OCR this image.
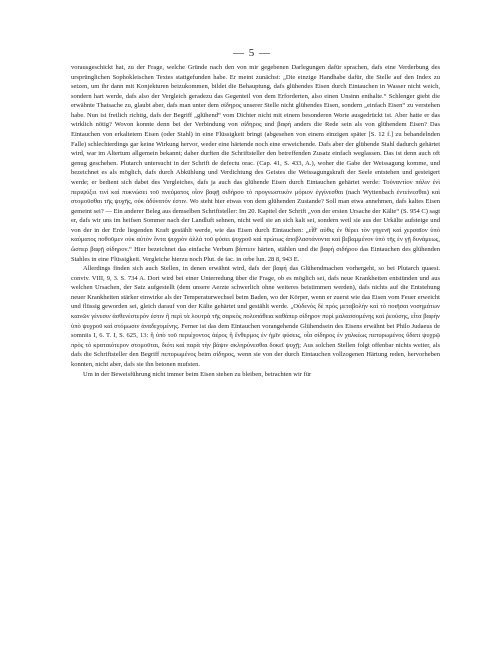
— 5 —

vorausgeschickt hat, zu der Frage, welche Gründe nach den von mir gegebenen Darlegungen dafür sprachen, dafs eine Verderbung des ursprünglichen Sophokleischen Textes stattgefunden habe. Er meint zunächst: „Die einzige Handhabe dafür, die Stelle auf den Index zu setzen, um ihr dann mit Konjekturen beizukommen, bildet die Behauptung, dafs glühendes Eisen durch Eintauchen in Wasser nicht weich, sondern hart werde, dafs also der Vergleich geradezu das Gegenteil von dem Erforderten, also einen Unsinn enthalte.“ Schlenger giebt die erwähnte Thatsache zu, glaubt aber, dafs man unter dem σίδηρος unserer Stelle nicht glühendes Eisen, sondern „einfach Eisen“ zu verstehen habe. Nun ist freilich richtig, dafs der Begriff „glühend“ vom Dichter nicht mit einem besonderen Worte ausgedrückt ist. Aber hatte er das wirklich nötig? Wovon konnte denn bei der Verbindung von σίδηρος und βαφή anders die Rede sein als von glühendem Eisen? Das Eintauchen von erkaltetem Eisen (oder Stahl) in eine Flüssigkeit bringt (abgesehen von einem einzigen später [S. 12 f.] zu behandelnden Falle) schlechterdings gar keine Wirkung hervor, weder eine härtende noch eine erweichende. Dafs aber der glühende Stahl dadurch gehärtet wird, war im Altertum allgemein bekannt; daher durften die Schriftsteller den betreffenden Zusatz einfach weglassen. Das ist denn auch oft genug geschehen. Plutarch untersucht in der Schrift de defectu orac. (Cap. 41, S. 433, A.), woher die Gabe der Weissagung komme, und bezeichnet es als möglich, dafs durch Abkühlung und Verdichtung des Geistes die Weissagungskraft der Seele entstehen und gesteigert werde; er bedient sich dabei des Vergleiches, dafs ja auch das glühende Eisen durch Eintauchen gehärtet werde: Τοὐναντίον πάλιν ἐνὶ περιψύξει τινὶ καὶ πυκνώσει τοῦ πνεύματος οἷον βαφῇ σιδήρου τὸ προγνωστικὸν μόριον ἐγγίνεσθαι (nach Wyttenbach ἐντείνεσθαι) καὶ στομοῦσθαι τῆς ψυχῆς, οὐκ ἀδύνατόν ἐστιν. Wo steht hier etwas von dem glühenden Zustande? Soll man etwa annehmen, dafs kaltes Eisen gemeint sei? — Ein anderer Beleg aus demselben Schriftsteller: Im 20. Kapitel der Schrift „von der ersten Ursache der Kälte“ (S. 954 C) sagt er, dafs wir uns im heifsen Sommer nach der Landluft sehnen, nicht weil sie an sich kalt sei, sondern weil sie aus der Urkälte aufsteige und von der in der Erde liegenden Kraft gestählt werde, wie das Eisen durch Eintauchen: „εἶθ' αὐθις ἐν θέρει τὸν γηγενῆ καὶ χερσαῖον ὑπὸ καύματος ποθοῦμεν οὐκ αὐτὸν ὄντα ψυχρὸν ἀλλὰ τοῦ φύσει ψυχροῦ καὶ πρώτως ἀποβλαστάνοντα καὶ βεβαμμένον ὑπὸ τῆς ἐν γῇ δυνάμεως, ὥσπερ βαφῇ σίδηρον.“ Hier bezeichnet das einfache Verbum βάπτειν härten, stählen und die βαφή σιδήρου das Eintauchen des glühenden Stahles in eine Flüssigkeit. Vergleiche hierzu noch Plut. de fac. in orbe lun. 28 8, 943 E.

Allerdings finden sich auch Stellen, in denen erwähnt wird, dafs der βαφή das Glühendmachen vorhergeht, so bei Plutarch quaest. conviv. VIII, 9, 3. S. 734 A. Dort wird bei einer Unterredung über die Frage, ob es möglich sei, dafs neue Krankheiten entstünden und aus welchen Ursachen, der Satz aufgestellt (dem unsere Aerzte schwerlich ohne weiteres beistimmen werden), dafs nichts auf die Entstehung neuer Krankheiten stärker einwirke als der Temperaturwechsel beim Baden, wo der Körper, wenn er zuerst wie das Eisen vom Feuer erweicht und flüssig geworden sei, gleich darauf von der Kälte gehärtet und gestählt werde. „Οὐδενὸς δὲ πρὸς μεταβολὴν καὶ τὸ ποιῆσαι νοσημάτων καινῶν γένεσιν ἀσθενέστερόν ἐστιν ἢ περὶ τὰ λουτρὰ τῆς σαρκὸς πολυπάθεια καθάπερ σίδηρον πυρὶ μαλασσομένης καὶ ῥεούσης, εἶτα βαφὴν ὑπὸ ψυχροῦ καὶ στόμωσιν ἀναδεχομένης. Ferner ist das dem Eintauchen vorangehende Glühendsein des Eisens erwähnt bei Philo Judaeus de somniis I, 6. T. I, S. 625, 13: ἢ ὑπὸ τοῦ περιέχοντος ἀέρος ἢ ἔνθερμος ἐν ἡμῖν φύσεις, οἷα σίδηρος ἐν χαλκέως πεπυρωμένος ὕδατι ψυχρῷ πρὸς τὸ κραταιότερον στομοῦται, διότι καὶ παρὰ τὴν βάψιν σκληρύνεσθαι δοκεῖ ψυχῇ; Aus solchen Stellen folgt offenbar nichts weiter, als dafs die Schriftsteller den Begriff πεπυρωμένος beim σίδηρος, wenn sie von der durch Eintauchen vollzogenen Härtung reden, hervorheben konnten, nicht aber, dafs sie ihn betonen mufsten.

Um in der Beweisführung nicht immer beim Eisen stehen zu bleiben, betrachten wir für
